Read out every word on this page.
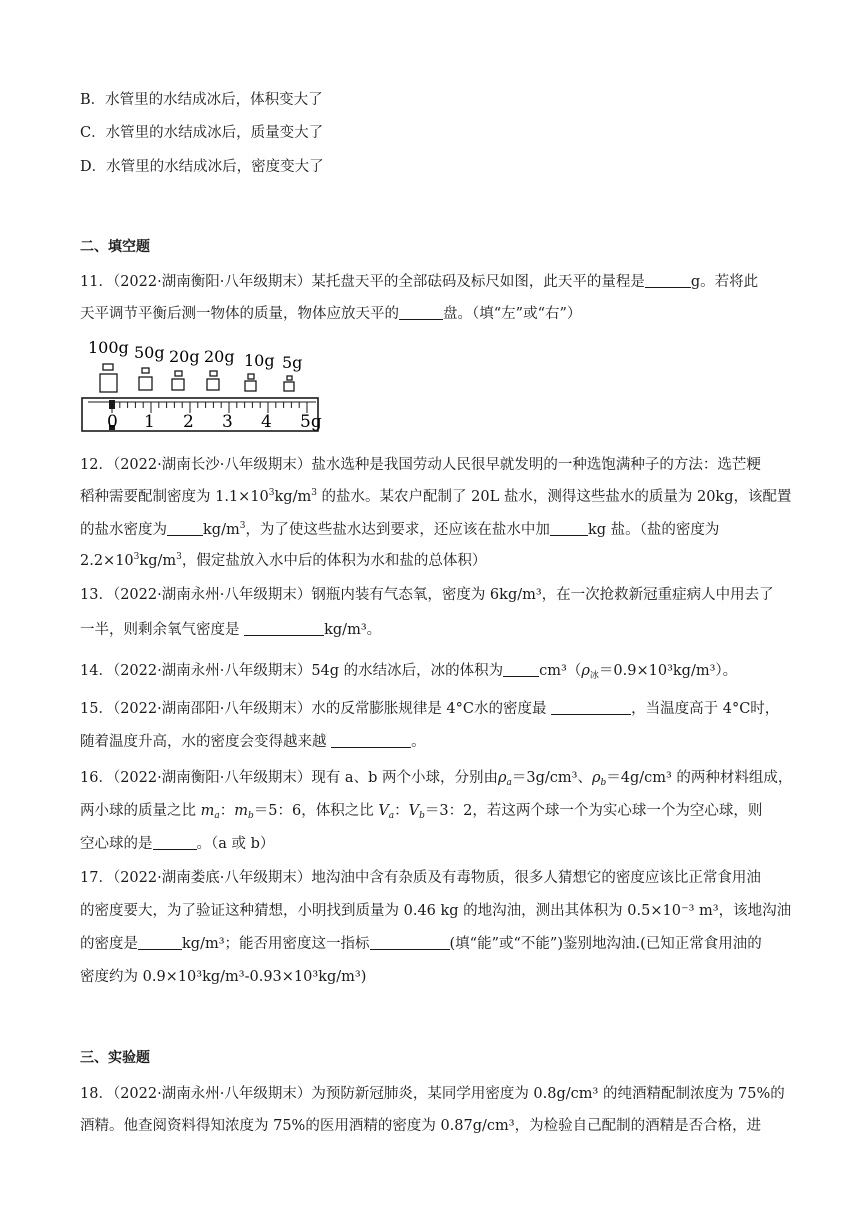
B．水管里的水结成冰后，体积变大了
C．水管里的水结成冰后，质量变大了
D．水管里的水结成冰后，密度变大了
二、填空题
11．（2022·湖南衡阳·八年级期末）某托盘天平的全部砝码及标尺如图，此天平的量程是	g。若将此
天平调节平衡后测一物体的质量，物体应放天平的	盘。（填“左”或“右”）
100g 50g 20g 20g 10g 5g
0 1 2 3 4 5g
12．（2022·湖南长沙·八年级期末）盐水选种是我国劳动人民很早就发明的一种选饱满种子的方法：选芒粳
稻种需要配制密度为 $1.1\times 10^3kg/m^3$ 的盐水。某农户配制了 20L 盐水，测得这些盐水的质量为 20kg，该配置
的盐水密度为 $kg/m^3$，为了使这些盐水达到要求，还应该在盐水中加	kg 盐。（盐的密度为
$2.2\times 10^3kg/m^3$，假定盐放入水中后的体积为水和盐的总体积）
13．（2022·湖南永州·八年级期末）钢瓶内装有气态氧，密度为 6kg/m³，在一次抢救新冠重症病人中用去了
一半，则剩余氧气密度是	kg/m³。
14．（2022·湖南永州·八年级期末）54g 的水结冰后，冰的体积为 $cm^3(\rho_冰=0.9\times 10^3kg/m^3)$。
15．（2022·湖南邵阳·八年级期末）水的反常膨胀规律是 4°C水的密度最	，当温度高于 4°C时，
随着温度升高，水的密度会变得越来越	。
16．（2022·湖南衡阳·八年级期末）现有 a、b 两个小球，分别由$\rho_a=3g$/cm³、$\rho_b=4g$/cm³ 的两种材料组成，
两小球的质量之比 $m_a$：$m_b=5$：6，体积之比 $V_a$：$V_b=3$：2，若这两个球一个为实心球一个为空心球，则
空心球的是	。（a 或 b）
17．（2022·湖南娄底·八年级期末）地沟油中含有杂质及有毒物质，很多人猜想它的密度应该比正常食用油
的密度要大，为了验证这种猜想，小明找到质量为 0.46 kg 的地沟油，测出其体积为 0.5×10⁻³ m³，该地沟油
的密度是	kg/m³；能否用密度这一指标	(填“能”或“不能”)鉴别地沟油.(已知正常食用油的
密度约为 0.9×10³kg/m³-0.93×10³kg/m³)
三、实验题
18．（2022·湖南永州·八年级期末）为预防新冠肺炎，某同学用密度为 0.8g/cm³ 的纯酒精配制浓度为 75%的
酒精。他查阅资料得知浓度为 75%的医用酒精的密度为 0.87g/cm³，为检验自己配制的酒精是否合格，进
